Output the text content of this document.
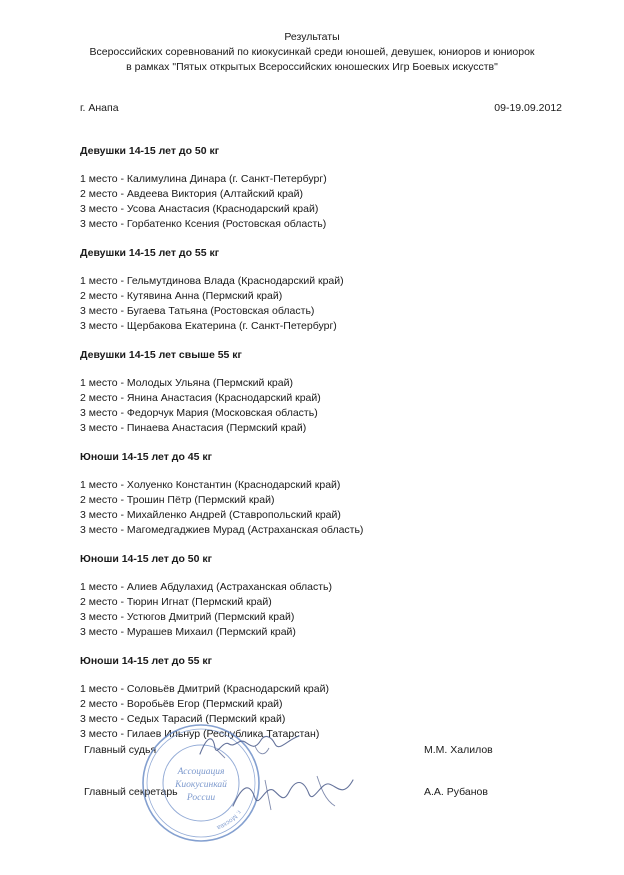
Результаты
Всероссийских соревнований по киокусинкай среди юношей, девушек, юниоров и юниорок
в рамках "Пятых открытых Всероссийских юношеских Игр Боевых искусств"
г. Анапа	09-19.09.2012
Девушки 14-15 лет до 50 кг
1 место - Калимулина Динара (г. Санкт-Петербург)
2 место - Авдеева Виктория (Алтайский край)
3 место - Усова Анастасия (Краснодарский край)
3 место - Горбатенко Ксения (Ростовская область)
Девушки 14-15 лет до 55 кг
1 место - Гельмутдинова Влада (Краснодарский край)
2 место - Кутявина Анна (Пермский край)
3 место - Бугаева Татьяна (Ростовская область)
3 место - Щербакова Екатерина (г. Санкт-Петербург)
Девушки 14-15 лет свыше 55 кг
1 место - Молодых Ульяна (Пермский край)
2 место - Янина Анастасия (Краснодарский край)
3 место - Федорчук Мария (Московская область)
3 место - Пинаева Анастасия (Пермский край)
Юноши 14-15 лет до 45 кг
1 место - Холуенко Константин (Краснодарский край)
2 место - Трошин Пётр (Пермский край)
3 место - Михайленко Андрей (Ставропольский край)
3 место - Магомедгаджиев Мурад (Астраханская область)
Юноши 14-15 лет до 50 кг
1 место - Алиев Абдулахид (Астраханская область)
2 место - Тюрин Игнат (Пермский край)
3 место - Устюгов Дмитрий (Пермский край)
3 место - Мурашев Михаил (Пермский край)
Юноши 14-15 лет до 55 кг
1 место - Соловьёв Дмитрий (Краснодарский край)
2 место - Воробьёв Егор (Пермский край)
3 место - Седых Тарасий (Пермский край)
3 место - Гилаев Ильнур (Республика Татарстан)
Главный судья	М.М. Халилов
Главный секретарь	А.А. Рубанов
г. Москва
Ассоциация
Киокусинкай
России
